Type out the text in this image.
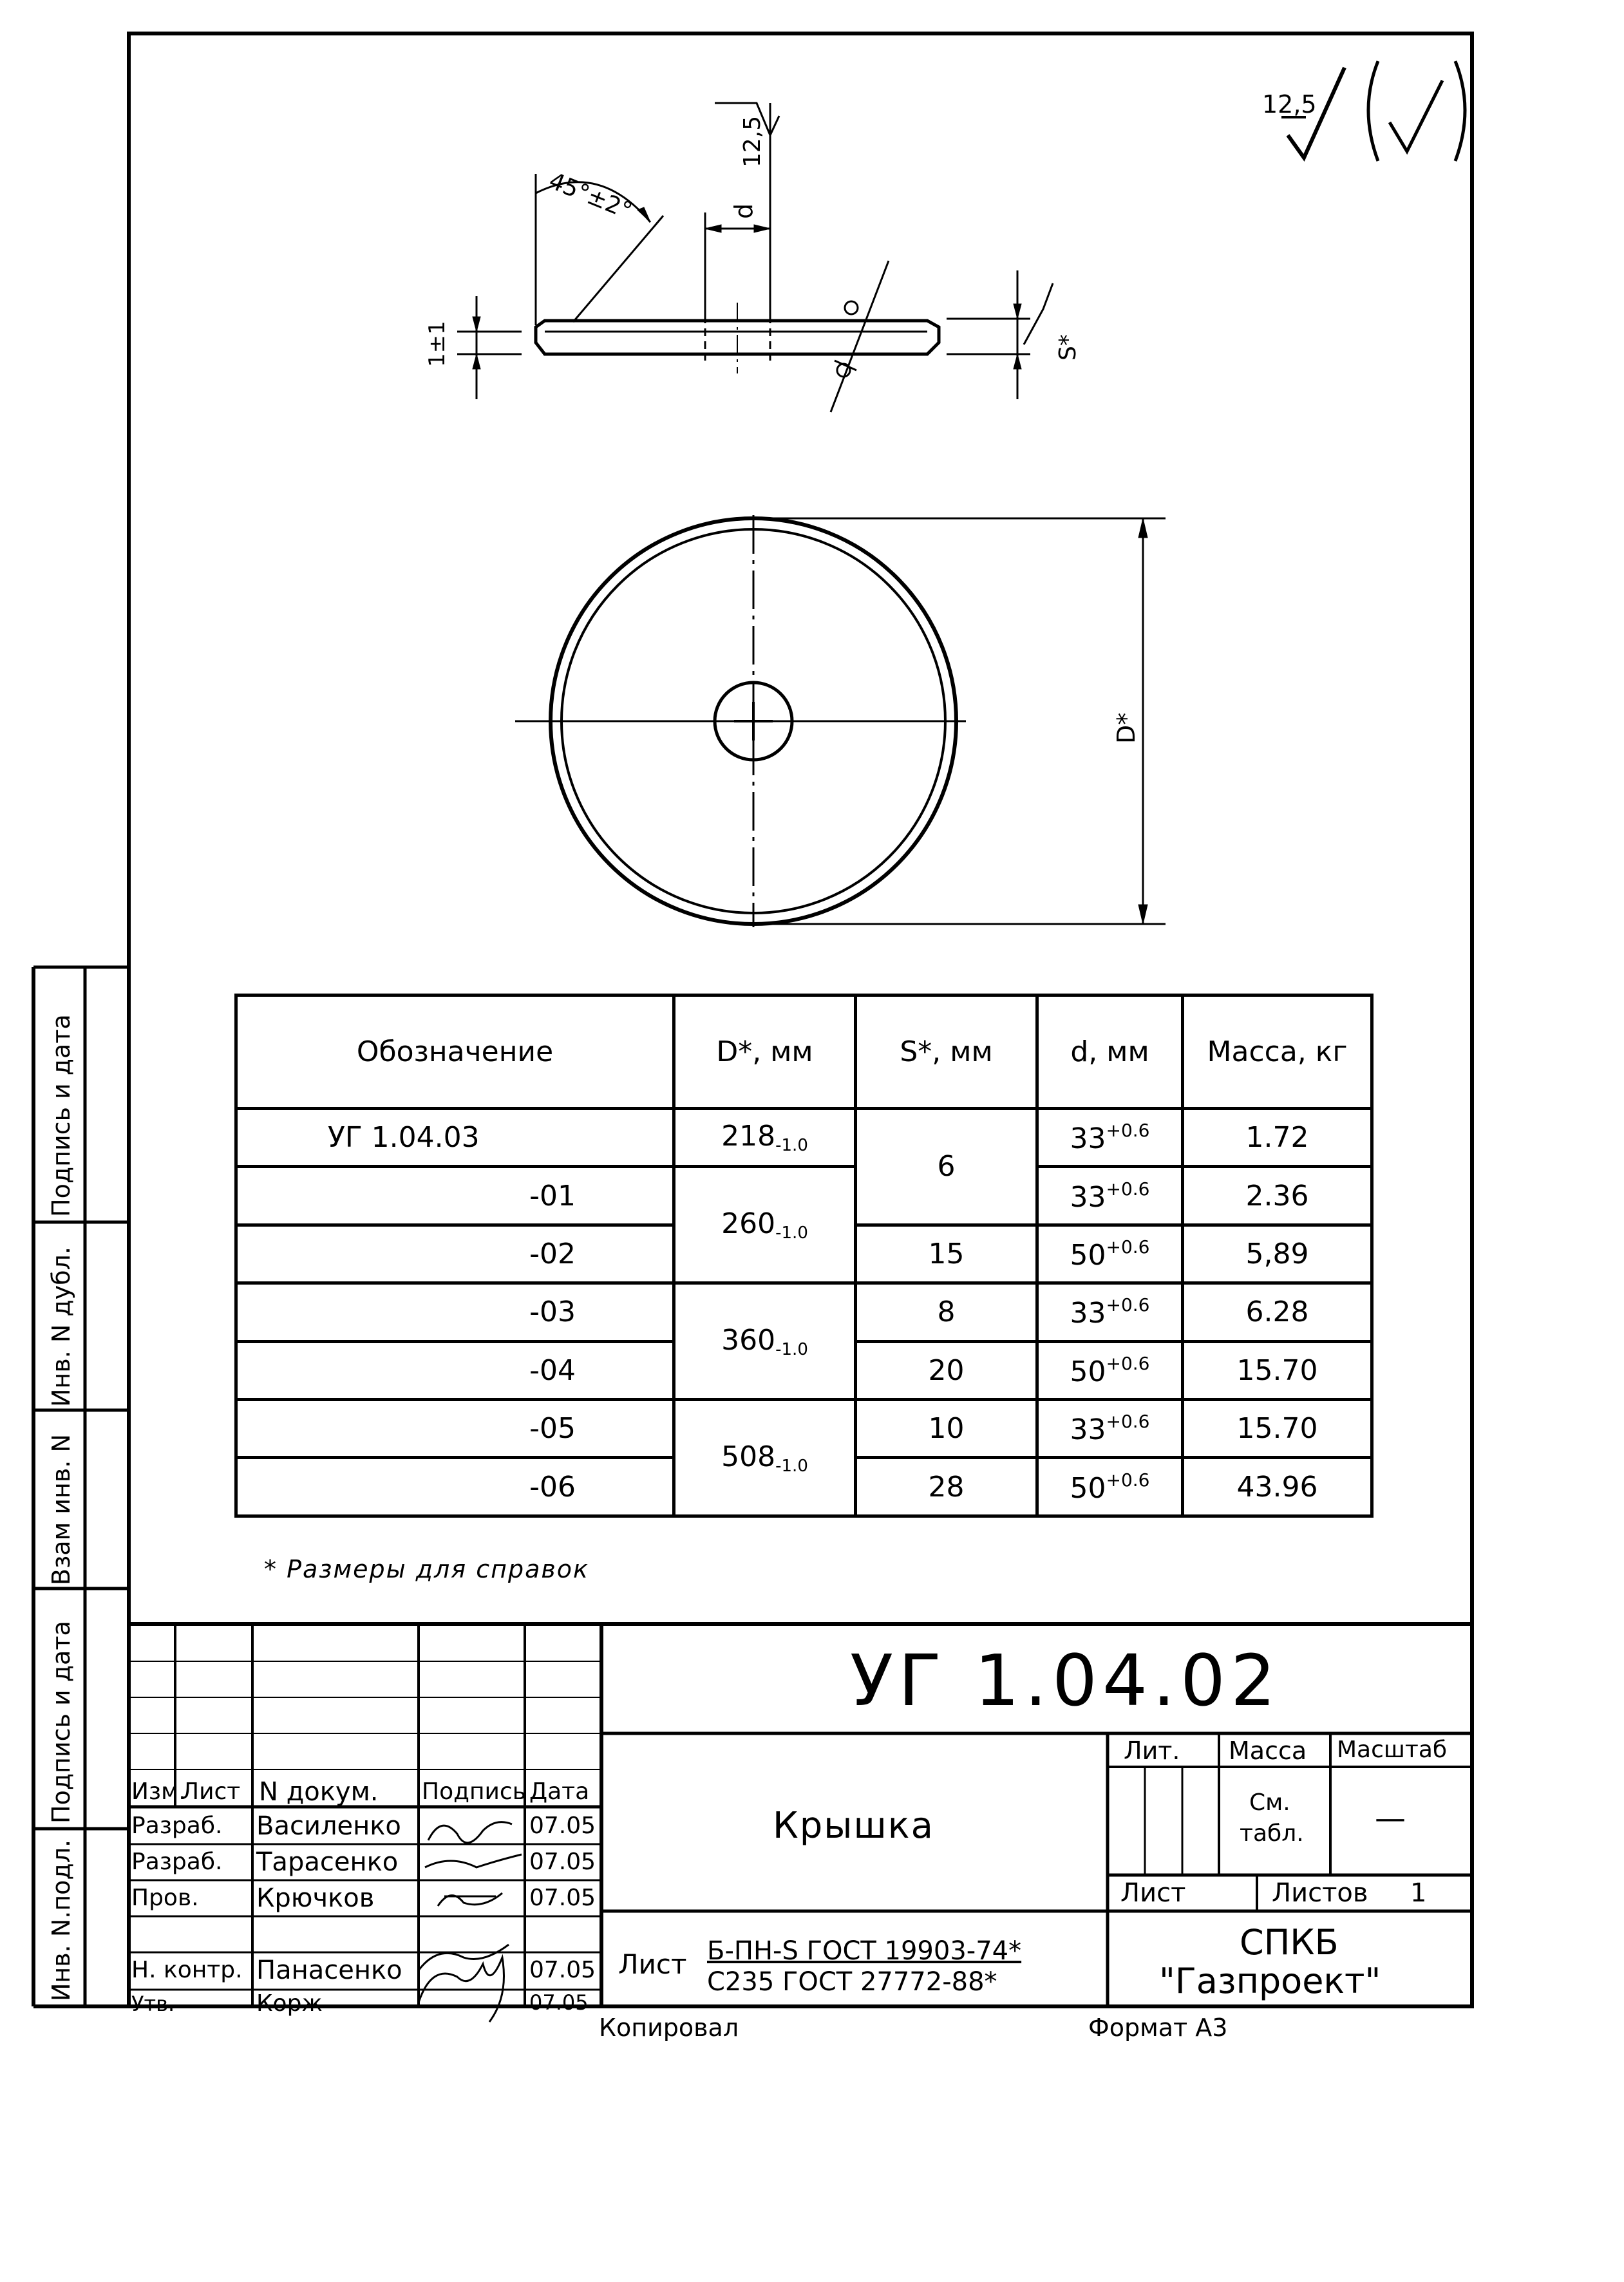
12,5
12,5
45°±2°	d
1±1	S*
D*
Подпись и дата
Инв. N дубл.
Взам инв. N
Подпись и дата
Инв. N.подл.
Обозначение	D*, мм	S*, мм	d, мм	Масса, кг
УГ 1.04.03	$218_{-1.0}$	6	$33^{+0.6}$	1.72
-01	$260_{-1.0}$		$33^{+0.6}$	2.36
-02		15	$50^{+0.6}$	5,89
-03	$360_{-1.0}$	8	$33^{+0.6}$	6.28
-04		20	$50^{+0.6}$	15.70
-05	$508_{-1.0}$	10	$33^{+0.6}$	15.70
-06		28	$50^{+0.6}$	43.96
* Размеры для справок
УГ 1.04.02
Крышка
Лист Б-ПН-S ГОСТ 19903-74*
С235 ГОСТ 27772-88*
Лит. Масса Масштаб
См.
табл. —
Лист	Листов 1
СПКБ
"Газпроект"
Копировал	Формат А3
Изм.
Лист N докум. Подпись Дата
Разраб. Василенко	07.05
Разраб. Тарасенко	07.05
Пров. Крючков	07.05
Н. контр. Панасенко	07.05
Утв.	Корж	07.05
